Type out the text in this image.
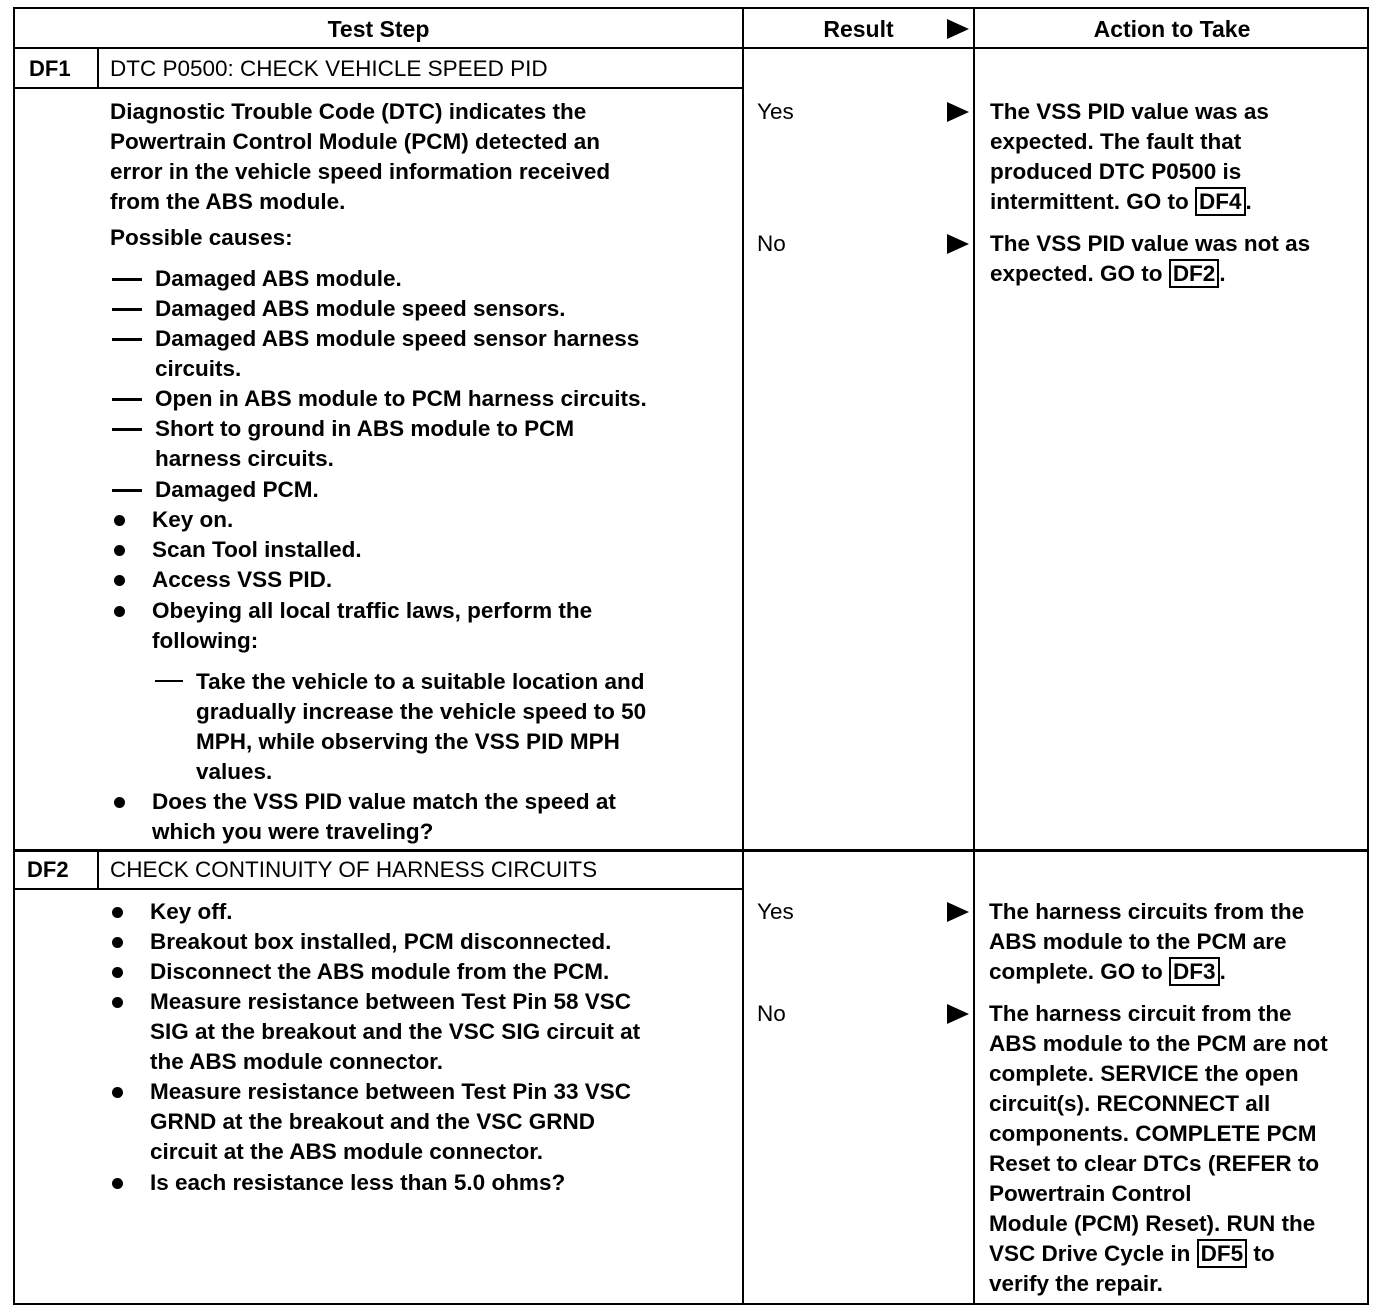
Test Step	Result	Action to Take
DF1 DTC P0500: CHECK VEHICLE SPEED PID
Diagnostic Trouble Code (DTC) indicates the
Powertrain Control Module (PCM) detected an
error in the vehicle speed information received
from the ABS module.
Possible causes:
Damaged ABS module.
Damaged ABS module speed sensors.
Damaged ABS module speed sensor harness
circuits.
Open in ABS module to PCM harness circuits.
Short to ground in ABS module to PCM
harness circuits.
Damaged PCM.
Key on.
Scan Tool installed.
Access VSS PID.
Obeying all local traffic laws, perform the
following:
Take the vehicle to a suitable location and
gradually increase the vehicle speed to 50
MPH, while observing the VSS PID MPH
values.
Does the VSS PID value match the speed at
which you were traveling?
Yes
No
The VSS PID value was as
expected. The fault that
produced DTC P0500 is
intermittent. GO to DF4 .
The VSS PID value was not as
expected. GO to DF2 .
DF2 CHECK CONTINUITY OF HARNESS CIRCUITS
Key off.
Breakout box installed, PCM disconnected.
Disconnect the ABS module from the PCM.
Measure resistance between Test Pin 58 VSC
SIG at the breakout and the VSC SIG circuit at
the ABS module connector.
Measure resistance between Test Pin 33 VSC
GRND at the breakout and the VSC GRND
circuit at the ABS module connector.
Is each resistance less than 5.0 ohms?
Yes
No
The harness circuits from the
ABS module to the PCM are
complete. GO to DF3 .
The harness circuit from the
ABS module to the PCM are not
complete. SERVICE the open
circuit(s). RECONNECT all
components. COMPLETE PCM
Reset to clear DTCs (REFER to
Powertrain Control
Module (PCM) Reset). RUN the
VSC Drive Cycle in DF5 to
verify the repair.
